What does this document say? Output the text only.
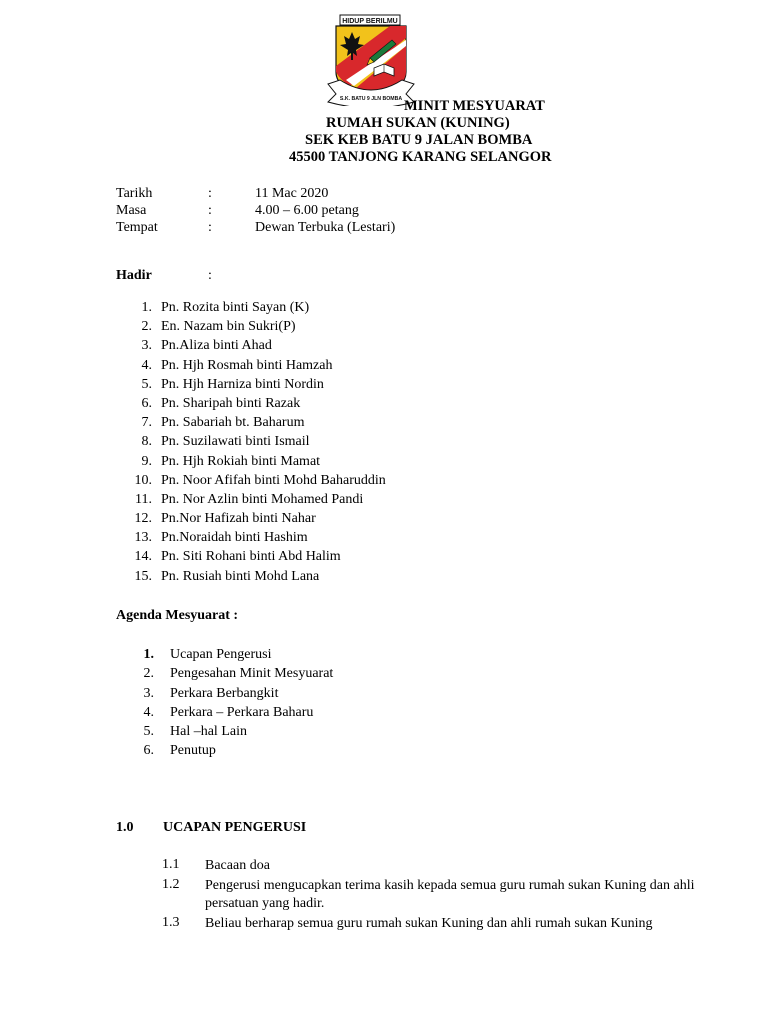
HIDUP BERILMU
S.K. BATU 9 JLN BOMBA MINIT MESYUARAT
RUMAH SUKAN (KUNING)
SEK KEB BATU 9 JALAN BOMBA
45500 TANJONG KARANG SELANGOR
Tarikh	:	11 Mac 2020
Masa	:	4.00 – 6.00 petang
Tempat	:	Dewan Terbuka (Lestari)
Hadir	:
1. Pn. Rozita binti Sayan (K)
2. En. Nazam bin Sukri(P)
3. Pn.Aliza binti Ahad
4. Pn. Hjh Rosmah binti Hamzah
5. Pn. Hjh Harniza binti Nordin
6. Pn. Sharipah binti Razak
7. Pn. Sabariah bt. Baharum
8. Pn. Suzilawati binti Ismail
9. Pn. Hjh Rokiah binti Mamat
10. Pn. Noor Afifah binti Mohd Baharuddin
11. Pn. Nor Azlin binti Mohamed Pandi
12. Pn.Nor Hafizah binti Nahar
13. Pn.Noraidah binti Hashim
14. Pn. Siti Rohani binti Abd Halim
15. Pn. Rusiah binti Mohd Lana
Agenda Mesyuarat :
1. Ucapan Pengerusi
2. Pengesahan Minit Mesyuarat
3. Perkara Berbangkit
4. Perkara – Perkara Baharu
5. Hal –hal Lain
6. Penutup
1.0 UCAPAN PENGERUSI
1.1 Bacaan doa
1.2 Pengerusi mengucapkan terima kasih kepada semua guru rumah sukan Kuning dan ahli persatuan yang hadir.
1.3 Beliau berharap semua guru rumah sukan Kuning dan ahli rumah sukan Kuning
